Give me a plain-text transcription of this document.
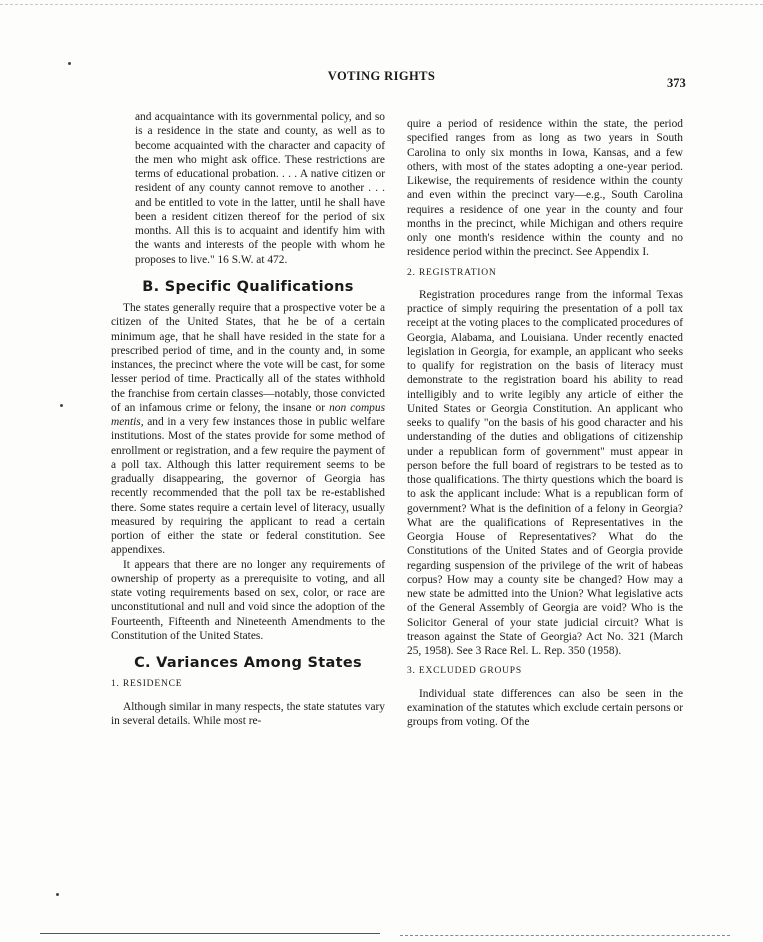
VOTING RIGHTS	373

and acquaintance with its governmental policy, and so is a residence in the state and county, as well as to become acquainted with the character and capacity of the men who might ask office. These restrictions are terms of educational probation. . . . A native citizen or resident of any county cannot remove to another . . . and be entitled to vote in the latter, until he shall have been a resident citizen thereof for the period of six months. All this is to acquaint and identify him with the wants and interests of the people with whom he proposes to live." 16 S.W. at 472.

B. Specific Qualifications

The states generally require that a prospective voter be a citizen of the United States, that he be of a certain minimum age, that he shall have resided in the state for a prescribed period of time, and in the county and, in some instances, the precinct where the vote will be cast, for some lesser period of time. Practically all of the states withhold the franchise from certain classes—notably, those convicted of an infamous crime or felony, the insane or non compus mentis, and in a very few instances those in public welfare institutions. Most of the states provide for some method of enrollment or registration, and a few require the payment of a poll tax. Although this latter requirement seems to be gradually disappearing, the governor of Georgia has recently recommended that the poll tax be re-established there. Some states require a certain level of literacy, usually measured by requiring the applicant to read a certain portion of either the state or federal constitution. See appendixes.

It appears that there are no longer any requirements of ownership of property as a prerequisite to voting, and all state voting requirements based on sex, color, or race are unconstitutional and null and void since the adoption of the Fourteenth, Fifteenth and Nineteenth Amendments to the Constitution of the United States.

C. Variances Among States
1. RESIDENCE

Although similar in many respects, the state statutes vary in several details. While most re-

quire a period of residence within the state, the period specified ranges from as long as two years in South Carolina to only six months in Iowa, Kansas, and a few others, with most of the states adopting a one-year period. Likewise, the requirements of residence within the county and even within the precinct vary—e.g., South Carolina requires a residence of one year in the county and four months in the precinct, while Michigan and others require only one month's residence within the county and no residence period within the precinct. See Appendix I.

2. REGISTRATION

Registration procedures range from the informal Texas practice of simply requiring the presentation of a poll tax receipt at the voting places to the complicated procedures of Georgia, Alabama, and Louisiana. Under recently enacted legislation in Georgia, for example, an applicant who seeks to qualify for registration on the basis of literacy must demonstrate to the registration board his ability to read intelligibly and to write legibly any article of either the United States or Georgia Constitution. An applicant who seeks to qualify "on the basis of his good character and his understanding of the duties and obligations of citizenship under a republican form of government" must appear in person before the full board of registrars to be tested as to those qualifications. The thirty questions which the board is to ask the applicant include: What is a republican form of government? What is the definition of a felony in Georgia? What are the qualifications of Representatives in the Georgia House of Representatives? What do the Constitutions of the United States and of Georgia provide regarding suspension of the privilege of the writ of habeas corpus? How may a county site be changed? How may a new state be admitted into the Union? What legislative acts of the General Assembly of Georgia are void? Who is the Solicitor General of your state judicial circuit? What is treason against the State of Georgia? Act No. 321 (March 25, 1958). See 3 Race Rel. L. Rep. 350 (1958).

3. EXCLUDED GROUPS

Individual state differences can also be seen in the examination of the statutes which exclude certain persons or groups from voting. Of the
